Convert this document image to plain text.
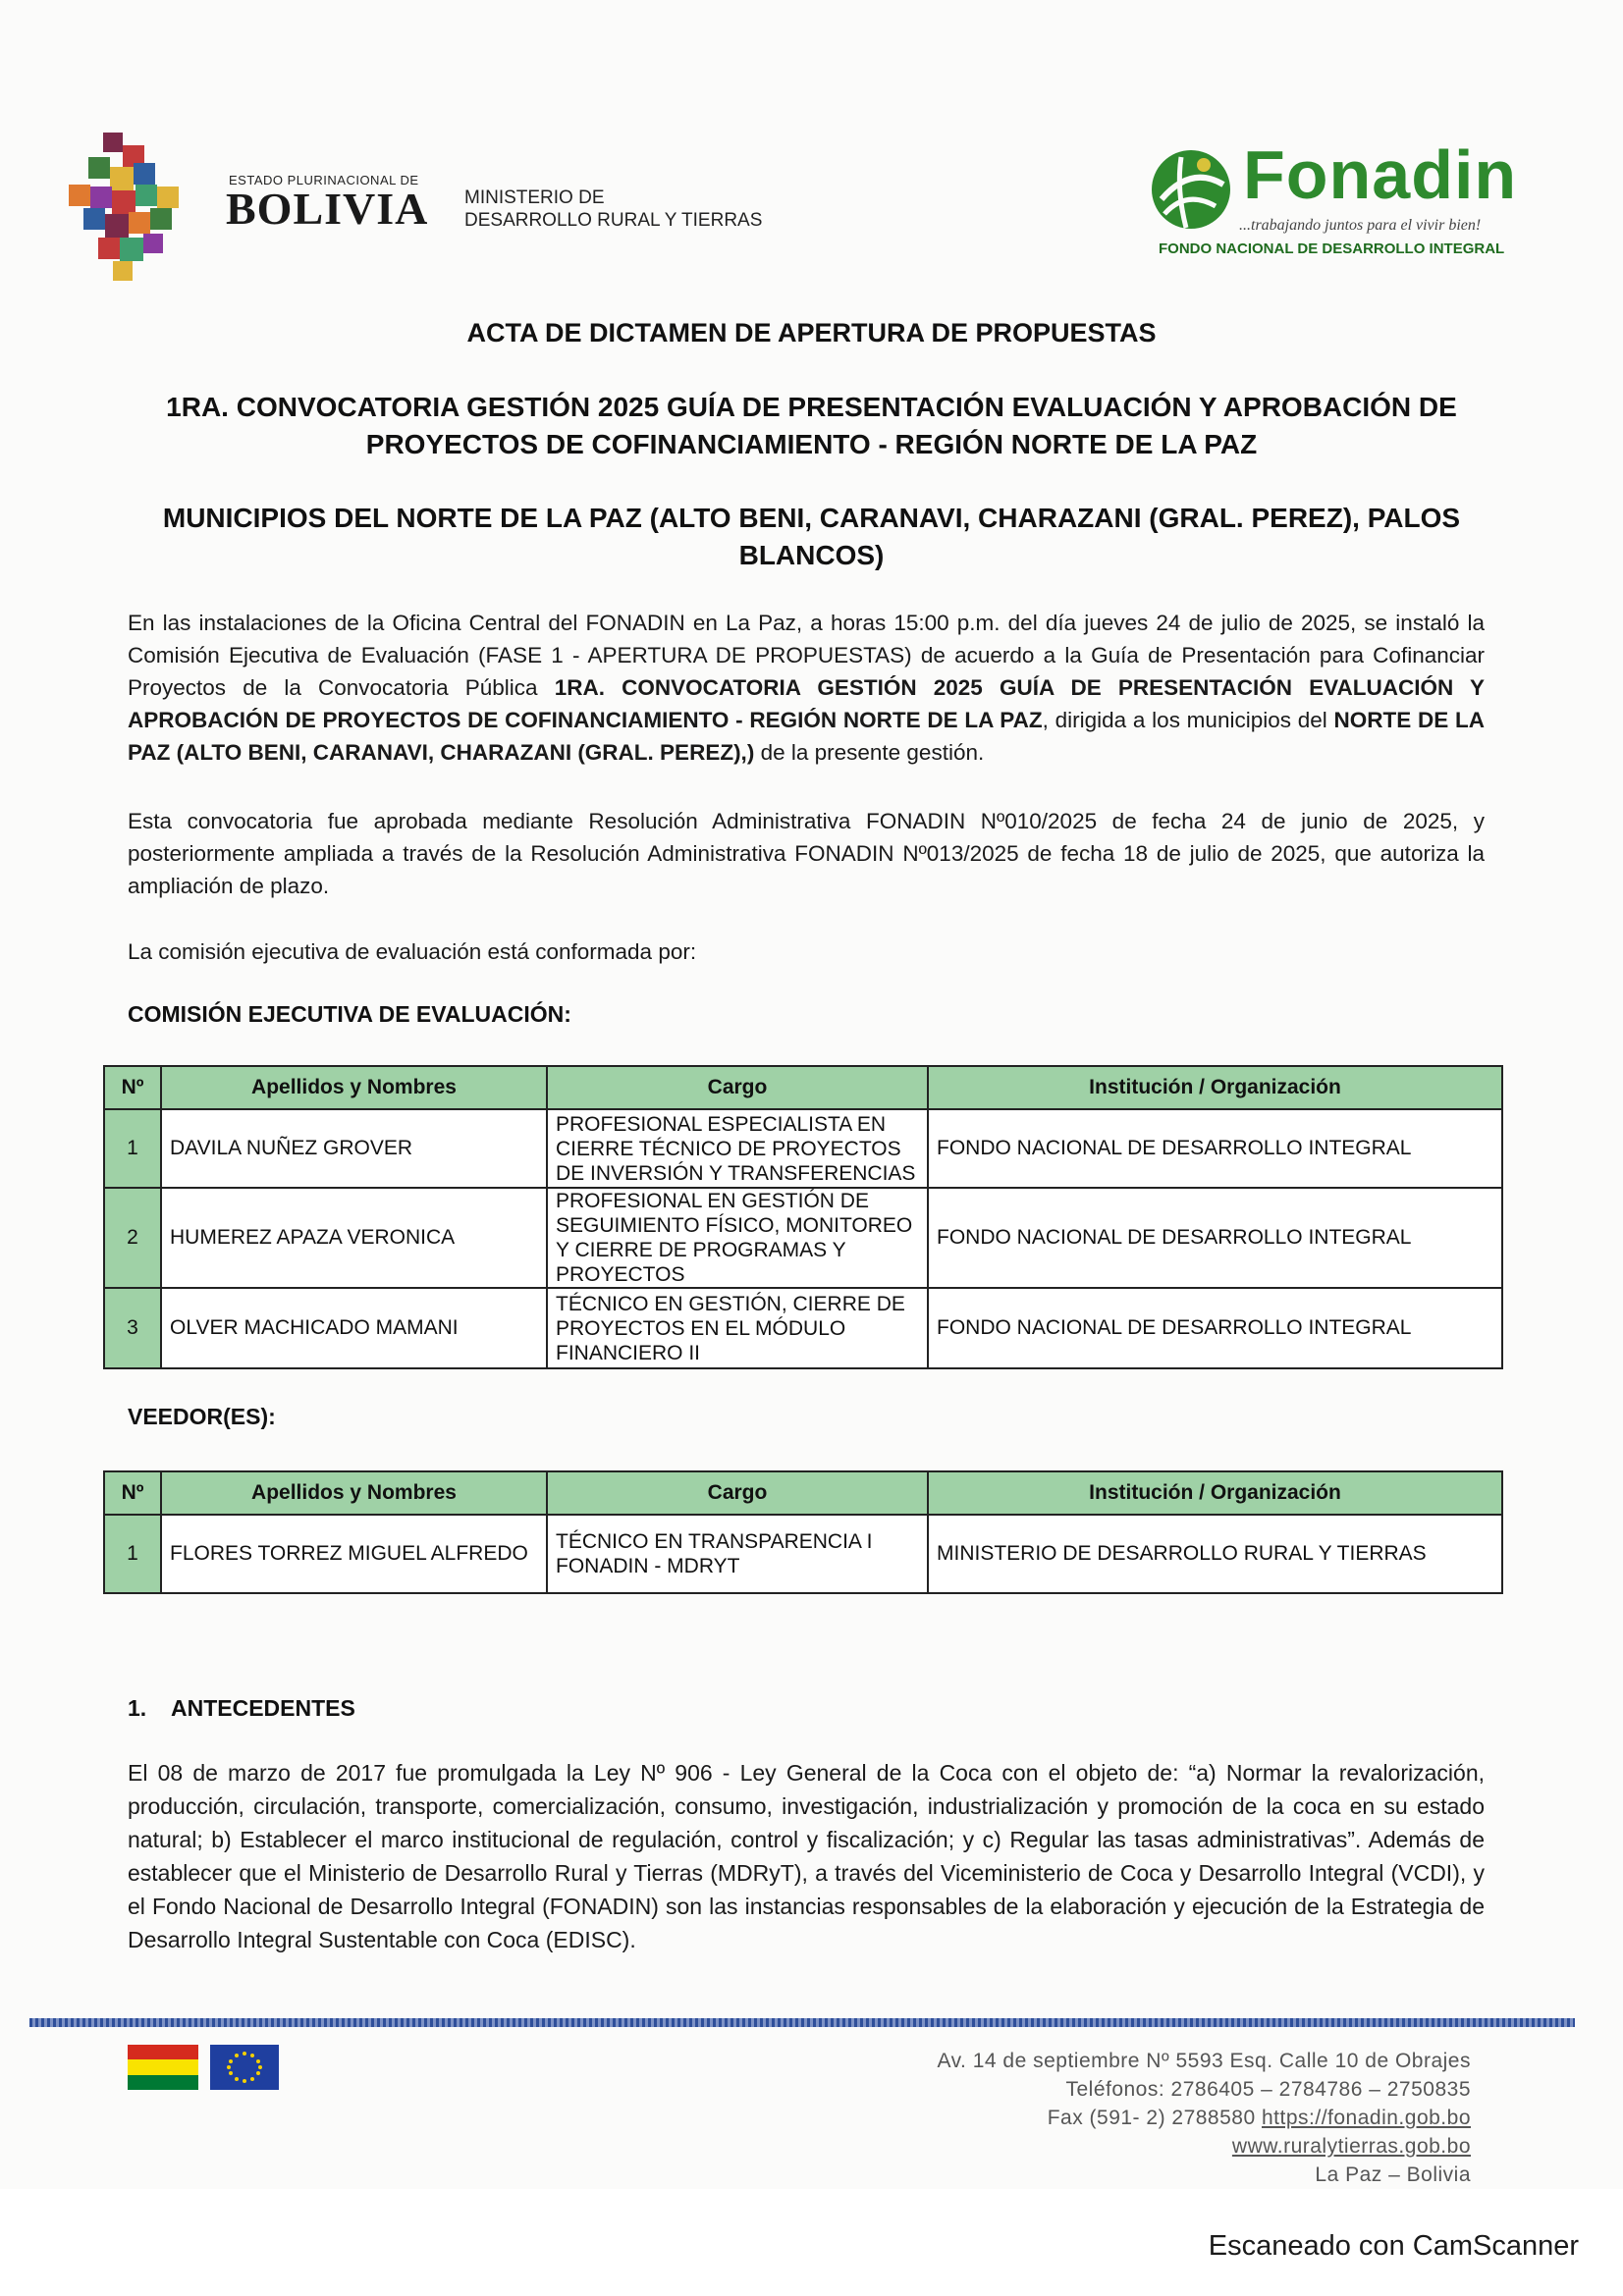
ESTADO PLURINACIONAL DE
BOLIVIA MINISTERIO DE
DESARROLLO RURAL Y TIERRAS
Fonadin
...trabajando juntos para el vivir bien!
FONDO NACIONAL DE DESARROLLO INTEGRAL
ACTA DE DICTAMEN DE APERTURA DE PROPUESTAS
1RA. CONVOCATORIA GESTIÓN 2025 GUÍA DE PRESENTACIÓN EVALUACIÓN Y APROBACIÓN DE
PROYECTOS DE COFINANCIAMIENTO - REGIÓN NORTE DE LA PAZ
MUNICIPIOS DEL NORTE DE LA PAZ (ALTO BENI, CARANAVI, CHARAZANI (GRAL. PEREZ), PALOS
BLANCOS)
En las instalaciones de la Oficina Central del FONADIN en La Paz, a horas 15:00 p.m. del día jueves 24 de julio de 2025, se instaló la Comisión Ejecutiva de Evaluación (FASE 1 - APERTURA DE PROPUESTAS) de acuerdo a la Guía de Presentación para Cofinanciar Proyectos de la Convocatoria Pública 1RA. CONVOCATORIA GESTIÓN 2025 GUÍA DE PRESENTACIÓN EVALUACIÓN Y APROBACIÓN DE PROYECTOS DE COFINANCIAMIENTO - REGIÓN NORTE DE LA PAZ, dirigida a los municipios del NORTE DE LA PAZ (ALTO BENI, CARANAVI, CHARAZANI (GRAL. PEREZ),) de la presente gestión.
Esta convocatoria fue aprobada mediante Resolución Administrativa FONADIN Nº010/2025 de fecha 24 de junio de 2025, y posteriormente ampliada a través de la Resolución Administrativa FONADIN Nº013/2025 de fecha 18 de julio de 2025, que autoriza la ampliación de plazo.
La comisión ejecutiva de evaluación está conformada por:
COMISIÓN EJECUTIVA DE EVALUACIÓN:
Nº	Apellidos y Nombres	Cargo	Institución / Organización
1	DAVILA NUÑEZ GROVER	PROFESIONAL ESPECIALISTA EN CIERRE TÉCNICO DE PROYECTOS DE INVERSIÓN Y TRANSFERENCIAS	FONDO NACIONAL DE DESARROLLO INTEGRAL
2	HUMEREZ APAZA VERONICA	PROFESIONAL EN GESTIÓN DE SEGUIMIENTO FÍSICO, MONITOREO Y CIERRE DE PROGRAMAS Y PROYECTOS	FONDO NACIONAL DE DESARROLLO INTEGRAL
3	OLVER MACHICADO MAMANI	TÉCNICO EN GESTIÓN, CIERRE DE PROYECTOS EN EL MÓDULO FINANCIERO II	FONDO NACIONAL DE DESARROLLO INTEGRAL
VEEDOR(ES):
Nº	Apellidos y Nombres	Cargo	Institución / Organización
1	FLORES TORREZ MIGUEL ALFREDO	TÉCNICO EN TRANSPARENCIA I FONADIN - MDRYT	MINISTERIO DE DESARROLLO RURAL Y TIERRAS
1. ANTECEDENTES
El 08 de marzo de 2017 fue promulgada la Ley Nº 906 - Ley General de la Coca con el objeto de: “a) Normar la revalorización, producción, circulación, transporte, comercialización, consumo, investigación, industrialización y promoción de la coca en su estado natural; b) Establecer el marco institucional de regulación, control y fiscalización; y c) Regular las tasas administrativas”. Además de establecer que el Ministerio de Desarrollo Rural y Tierras (MDRyT), a través del Viceministerio de Coca y Desarrollo Integral (VCDI), y el Fondo Nacional de Desarrollo Integral (FONADIN) son las instancias responsables de la elaboración y ejecución de la Estrategia de Desarrollo Integral Sustentable con Coca (EDISC).
Av. 14 de septiembre Nº 5593 Esq. Calle 10 de Obrajes
Teléfonos: 2786405 – 2784786 – 2750835
Fax (591- 2) 2788580 https://fonadin.gob.bo
www.ruralytierras.gob.bo
La Paz – Bolivia
Escaneado con CamScanner
